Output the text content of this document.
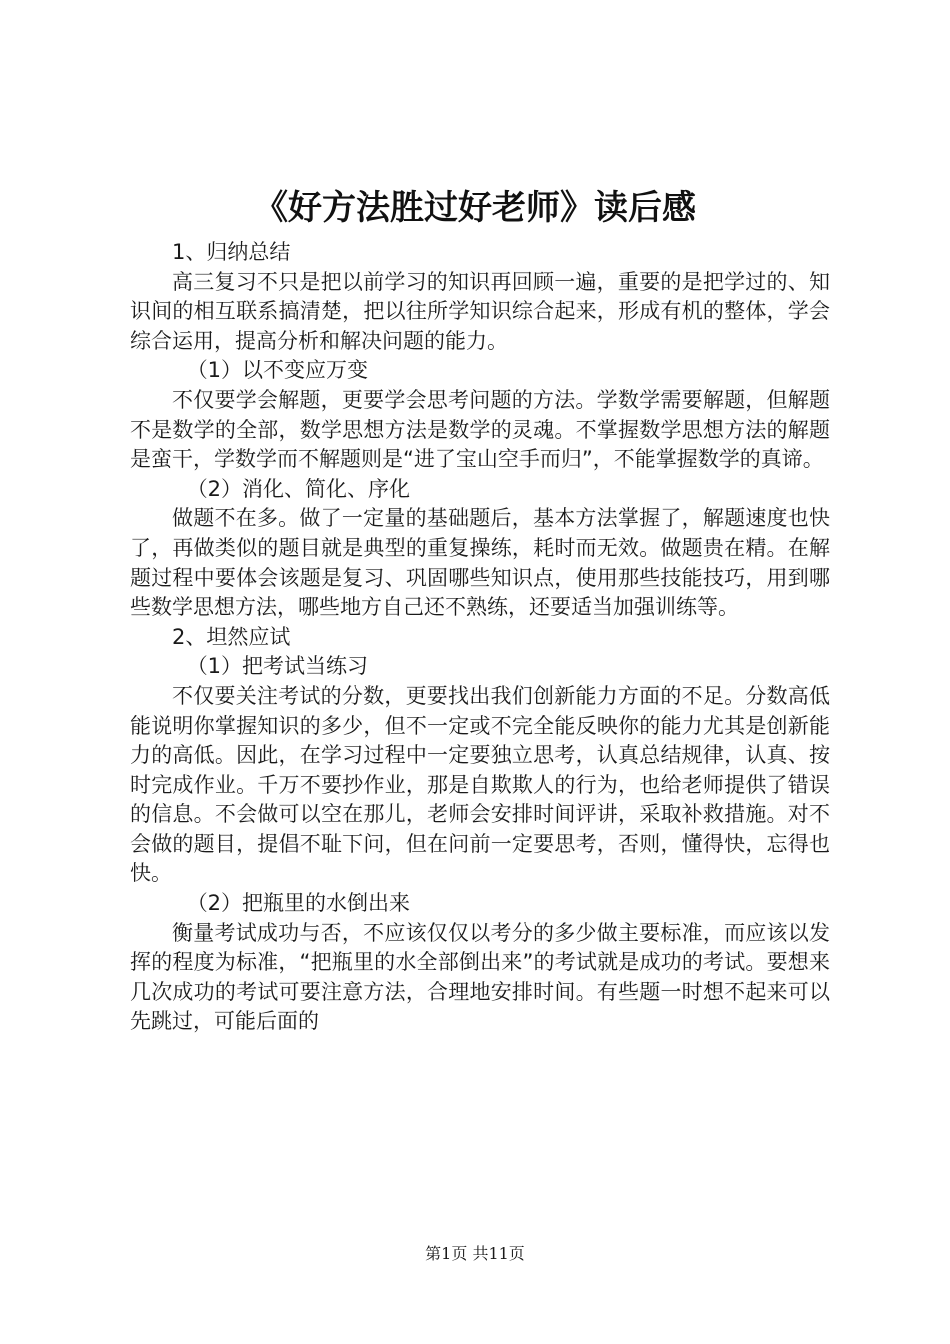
《好方法胜过好老师》读后感

1、归纳总结

高三复习不只是把以前学习的知识再回顾一遍，重要的是把学过的、知识间的相互联系搞清楚，把以往所学知识综合起来，形成有机的整体，学会综合运用，提高分析和解决问题的能力。

（1）以不变应万变

不仅要学会解题，更要学会思考问题的方法。学数学需要解题，但解题不是数学的全部，数学思想方法是数学的灵魂。不掌握数学思想方法的解题是蛮干，学数学而不解题则是“进了宝山空手而归”，不能掌握数学的真谛。

（2）消化、简化、序化

做题不在多。做了一定量的基础题后，基本方法掌握了，解题速度也快了，再做类似的题目就是典型的重复操练，耗时而无效。做题贵在精。在解题过程中要体会该题是复习、巩固哪些知识点，使用那些技能技巧，用到哪些数学思想方法，哪些地方自己还不熟练，还要适当加强训练等。

2、坦然应试

（1）把考试当练习

不仅要关注考试的分数，更要找出我们创新能力方面的不足。分数高低能说明你掌握知识的多少，但不一定或不完全能反映你的能力尤其是创新能力的高低。因此，在学习过程中一定要独立思考，认真总结规律，认真、按时完成作业。千万不要抄作业，那是自欺欺人的行为，也给老师提供了错误的信息。不会做可以空在那儿，老师会安排时间评讲，采取补救措施。对不会做的题目，提倡不耻下问，但在问前一定要思考，否则，懂得快，忘得也快。

（2）把瓶里的水倒出来

衡量考试成功与否，不应该仅仅以考分的多少做主要标准，而应该以发挥的程度为标准，“把瓶里的水全部倒出来”的考试就是成功的考试。要想来几次成功的考试可要注意方法，合理地安排时间。有些题一时想不起来可以先跳过，可能后面的

第1页 共11页
